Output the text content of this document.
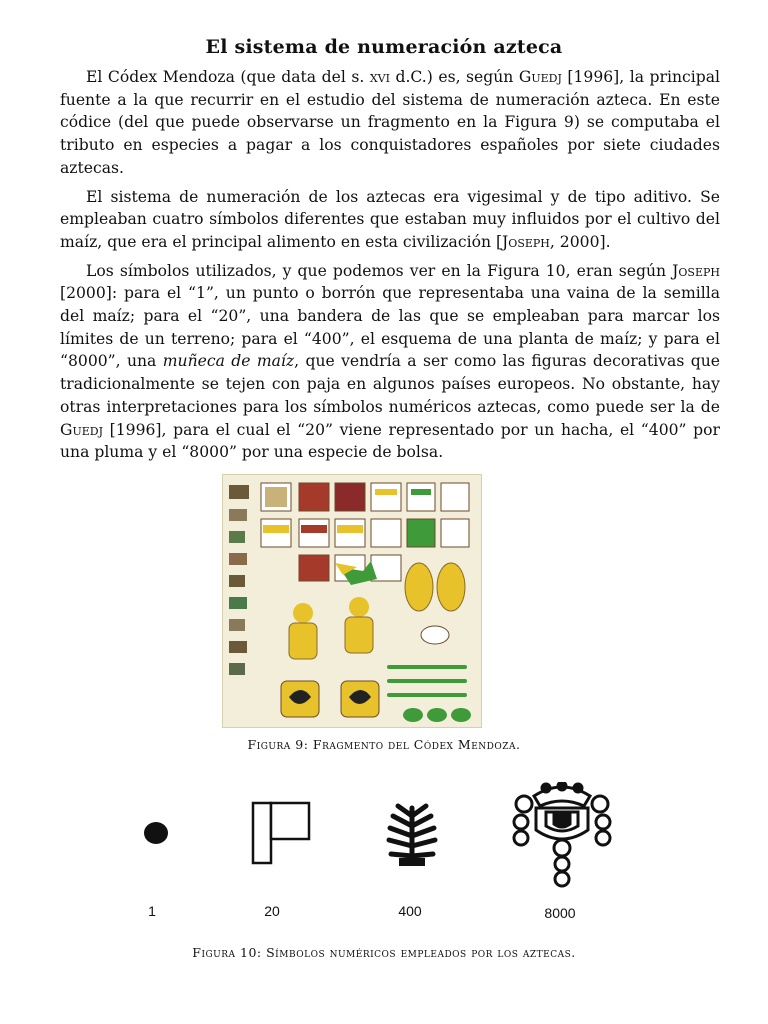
El sistema de numeración azteca

El Códex Mendoza (que data del s. xvi d.C.) es, según Guedj [1996], la principal fuente a la que recurrir en el estudio del sistema de numeración azteca. En este códice (del que puede observarse un fragmento en la Figura 9) se computaba el tributo en especies a pagar a los conquistadores españoles por siete ciudades aztecas.

El sistema de numeración de los aztecas era vigesimal y de tipo aditivo. Se empleaban cuatro símbolos diferentes que estaban muy influidos por el cultivo del maíz, que era el principal alimento en esta civilización [Joseph, 2000].

Los símbolos utilizados, y que podemos ver en la Figura 10, eran según Joseph [2000]: para el “1”, un punto o borrón que representaba una vaina de la semilla del maíz; para el “20”, una bandera de las que se empleaban para marcar los límites de un terreno; para el “400”, el esquema de una planta de maíz; y para el “8000”, una muñeca de maíz, que vendría a ser como las figuras decorativas que tradicionalmente se tejen con paja en algunos países europeos. No obstante, hay otras interpretaciones para los símbolos numéricos aztecas, como puede ser la de Guedj [1996], para el cual el “20” viene representado por un hacha, el “400” por una pluma y el “8000” por una especie de bolsa.

Figura 9: Fragmento del Códex Mendoza.
1	20	400	8000
Figura 10: Símbolos numéricos empleados por los aztecas.
